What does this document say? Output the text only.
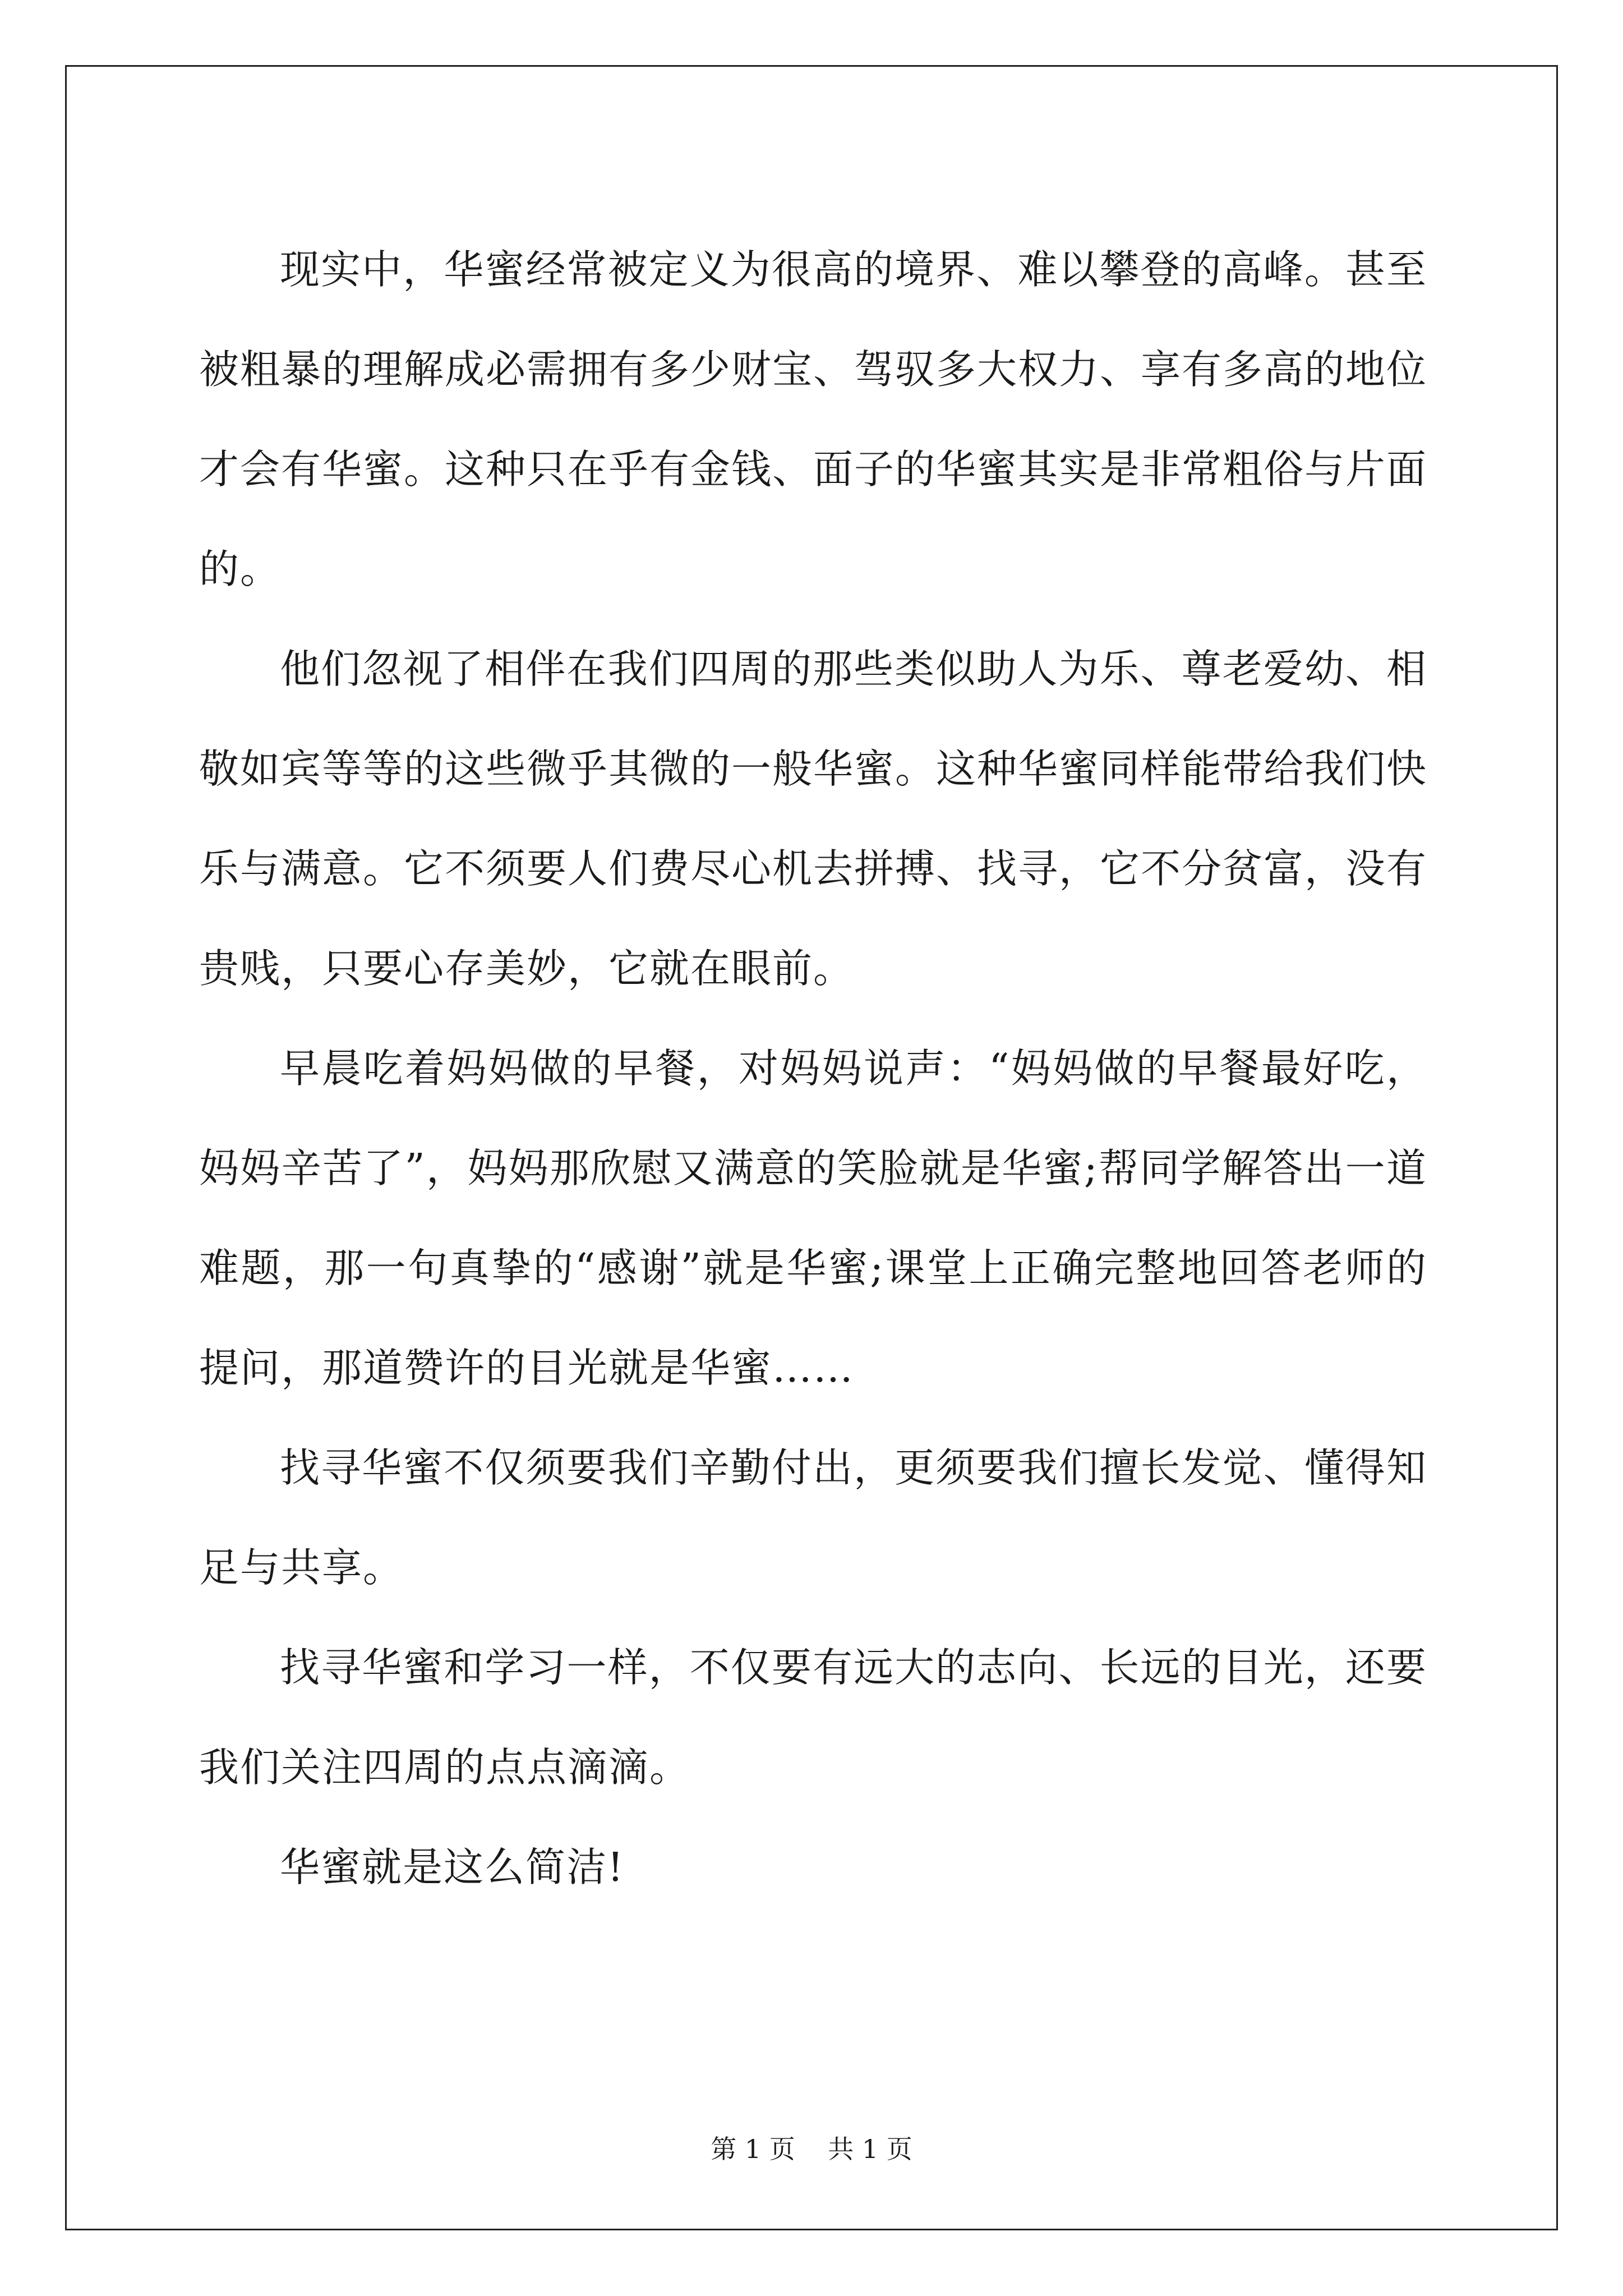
现实中，华蜜经常被定义为很高的境界、难以攀登的高峰。甚至被粗暴的理解成必需拥有多少财宝、驾驭多大权力、享有多高的地位才会有华蜜。这种只在乎有金钱、面子的华蜜其实是非常粗俗与片面的。

他们忽视了相伴在我们四周的那些类似助人为乐、尊老爱幼、相敬如宾等等的这些微乎其微的一般华蜜。这种华蜜同样能带给我们快乐与满意。它不须要人们费尽心机去拼搏、找寻，它不分贫富，没有贵贱，只要心存美妙，它就在眼前。

早晨吃着妈妈做的早餐，对妈妈说声：“妈妈做的早餐最好吃，妈妈辛苦了”，妈妈那欣慰又满意的笑脸就是华蜜;帮同学解答出一道难题，那一句真挚的“感谢”就是华蜜;课堂上正确完整地回答老师的提问，那道赞许的目光就是华蜜……

找寻华蜜不仅须要我们辛勤付出，更须要我们擅长发觉、懂得知足与共享。

找寻华蜜和学习一样，不仅要有远大的志向、长远的目光，还要我们关注四周的点点滴滴。

华蜜就是这么简洁!

第 1 页    共 1 页
